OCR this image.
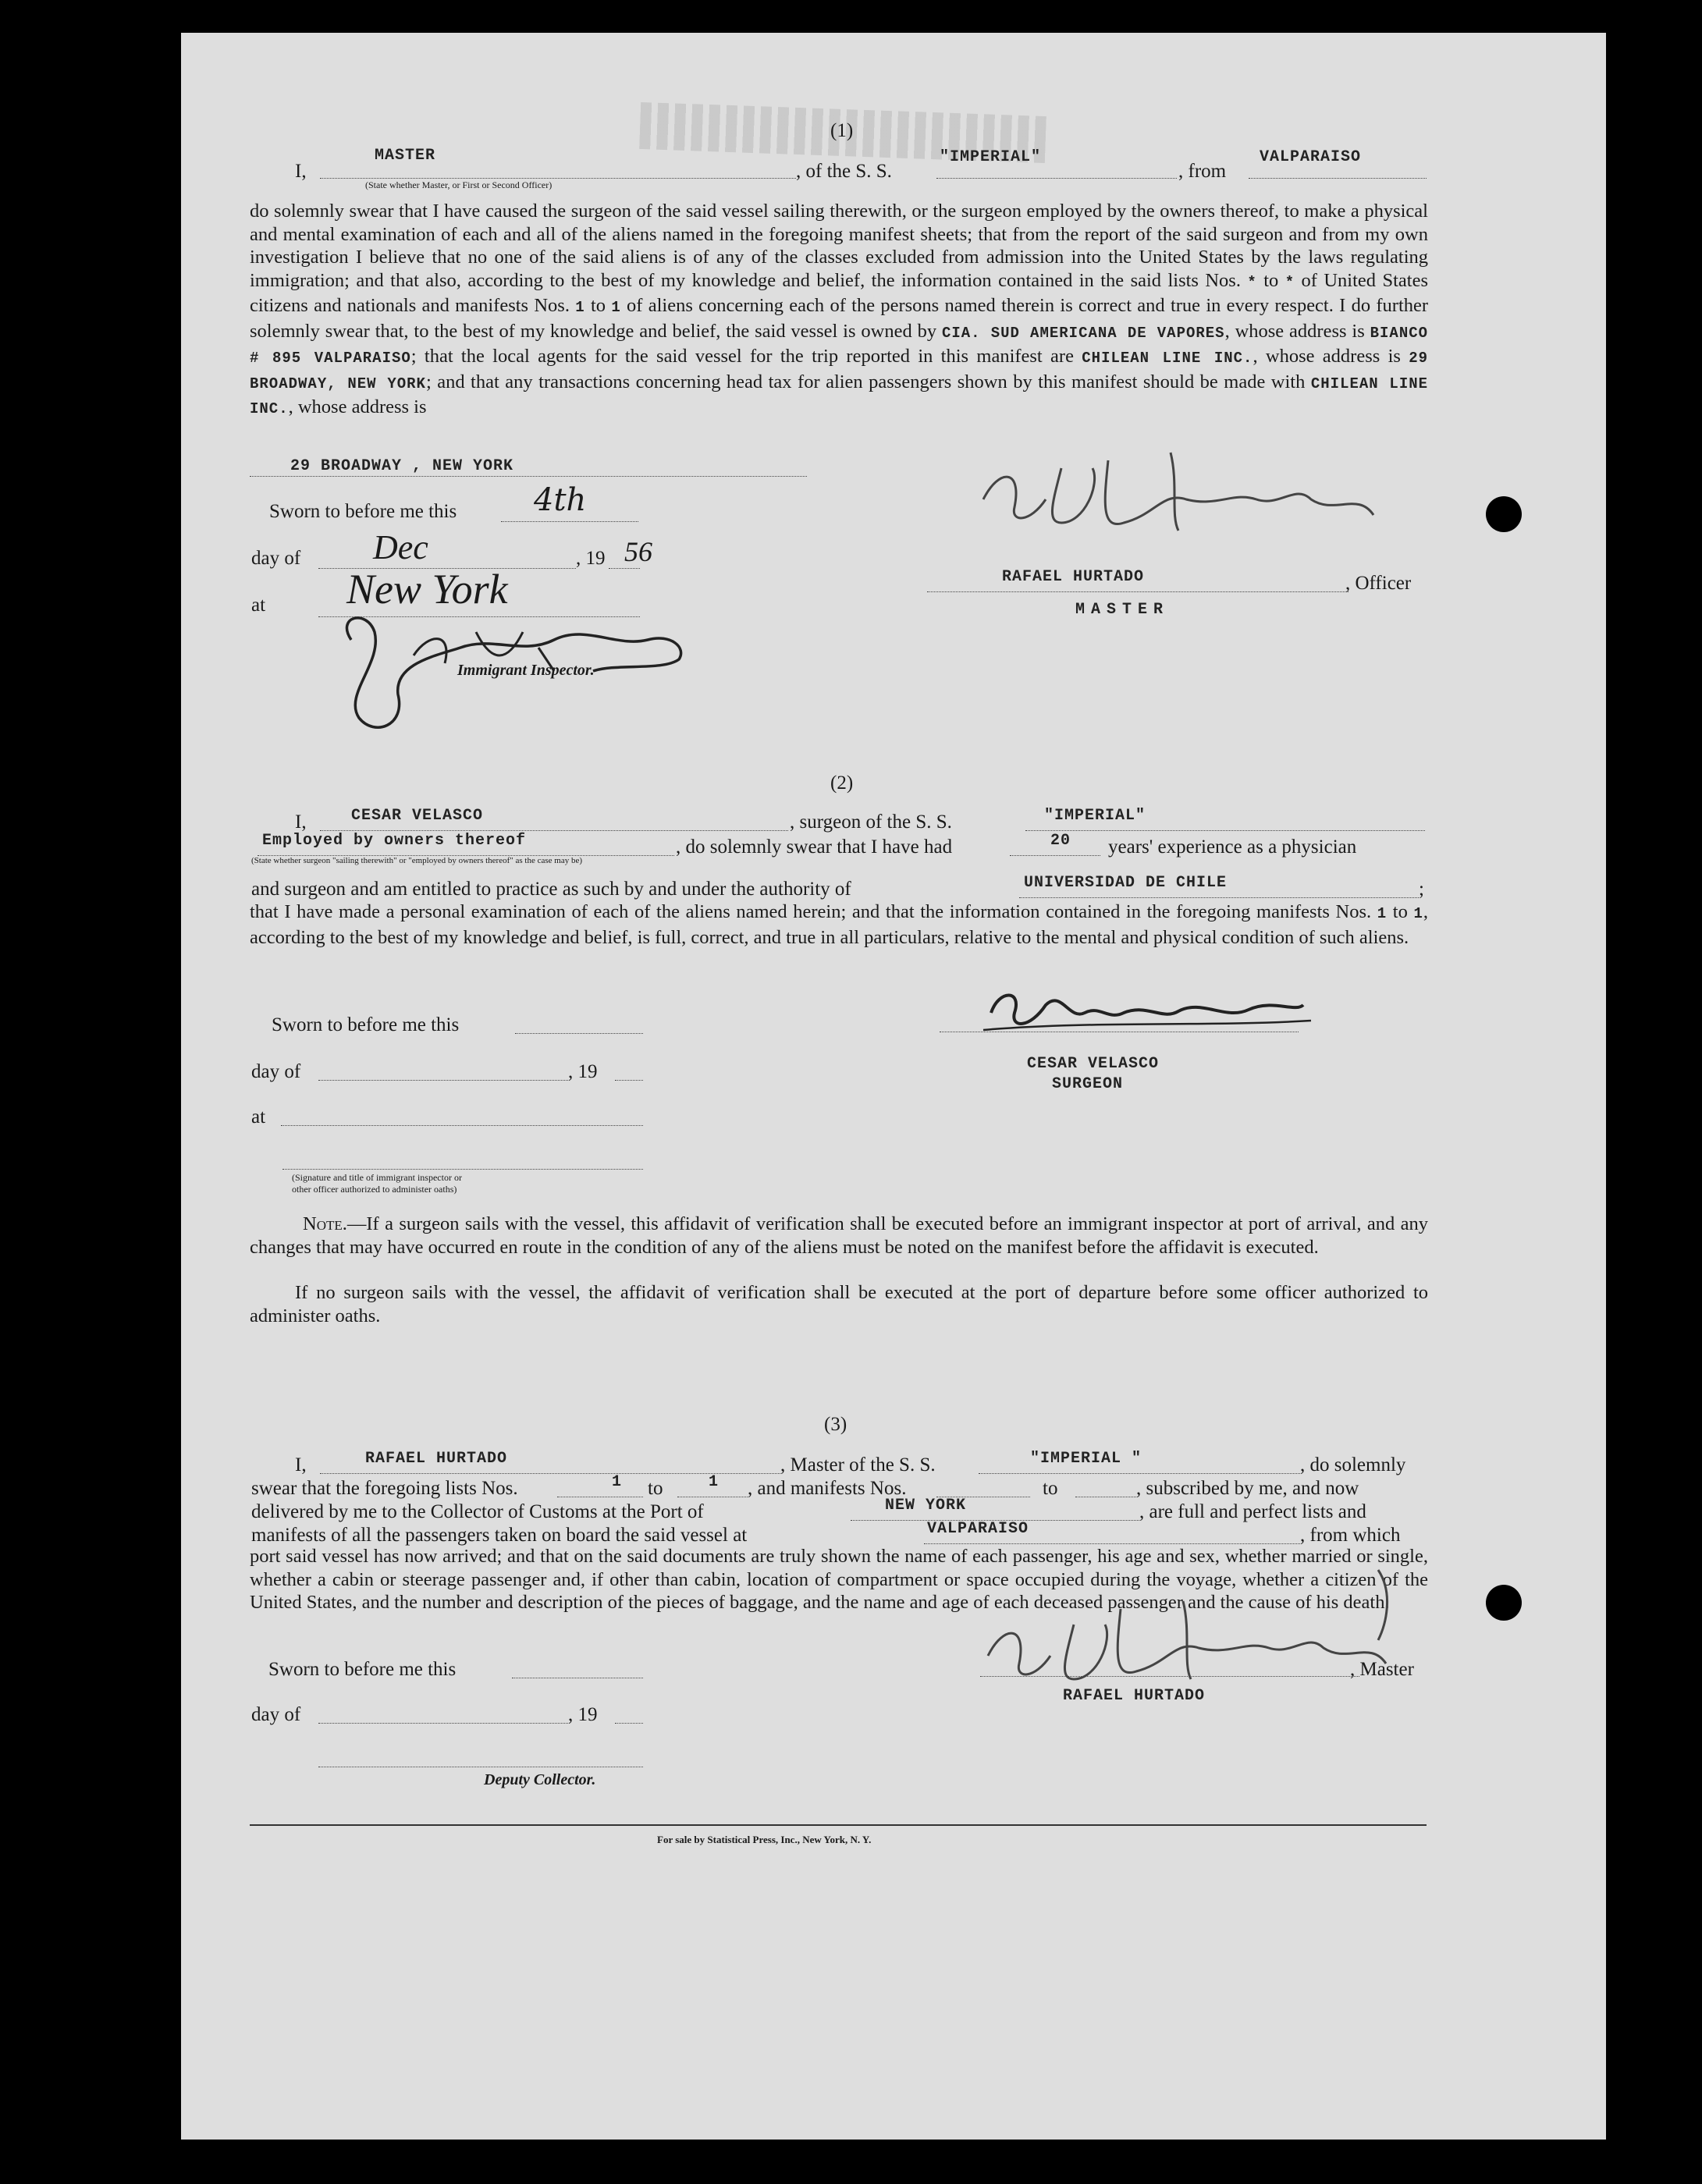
(1)
I,
MASTER
(State whether Master, or First or Second Officer)
, of the S. S.
"IMPERIAL"
, from
VALPARAISO
do solemnly swear that I have caused the surgeon of the said vessel sailing therewith, or the surgeon employed by the owners thereof, to make a physical and mental examination of each and all of the aliens named in the foregoing manifest sheets; that from the report of the said surgeon and from my own investigation I believe that no one of the said aliens is of any of the classes excluded from admission into the United States by the laws regulating immigration; and that also, according to the best of my knowledge and belief, the information contained in the said lists Nos. * to * of United States citizens and nationals and manifests Nos. 1 to 1 of aliens concerning each of the persons named therein is correct and true in every respect. I do further solemnly swear that, to the best of my knowledge and belief, the said vessel is owned by CIA. SUD AMERICANA DE VAPORES, whose address is BIANCO # 895 VALPARAISO; that the local agents for the said vessel for the trip reported in this manifest are CHILEAN LINE INC., whose address is 29 BROADWAY, NEW YORK; and that any transactions concerning head tax for alien passengers shown by this manifest should be made with CHILEAN LINE INC., whose address is
29 BROADWAY , NEW YORK
Sworn to before me this 4th
day of Dec	, 19 56
at New York
Immigrant Inspector.
RAFAEL HURTADO	, Officer
MASTER
(2)
I,	CESAR VELASCO	, surgeon of the S. S.	"IMPERIAL"
Employed by owners thereof
(State whether surgeon "sailing therewith" or "employed by owners thereof" as the case may be)
, do solemnly swear that I have had	20 years' experience as a physician
and surgeon and am entitled to practice as such by and under the authority of	UNIVERSIDAD DE CHILE	;
that I have made a personal examination of each of the aliens named herein; and that the information contained in the foregoing manifests Nos. 1 to 1, according to the best of my knowledge and belief, is full, correct, and true in all particulars, relative to the mental and physical condition of such aliens.
Sworn to before me this
day of	, 19
at
(Signature and title of immigrant inspector or
other officer authorized to administer oaths)
CESAR VELASCO
SURGEON
Note.—If a surgeon sails with the vessel, this affidavit of verification shall be executed before an immigrant inspector at port of arrival, and any changes that may have occurred en route in the condition of any of the aliens must be noted on the manifest before the affidavit is executed.
If no surgeon sails with the vessel, the affidavit of verification shall be executed at the port of departure before some officer authorized to administer oaths.
(3)
I,	RAFAEL HURTADO	, Master of the S. S.	"IMPERIAL "	, do solemnly
swear that the foregoing lists Nos.	1 to	1 , and manifests Nos.	to	, subscribed by me, and now
delivered by me to the Collector of Customs at the Port of	NEW YORK	, are full and perfect lists and
manifests of all the passengers taken on board the said vessel at	VALPARAISO	, from which
port said vessel has now arrived; and that on the said documents are truly shown the name of each passenger, his age and sex, whether married or single, whether a cabin or steerage passenger and, if other than cabin, location of compartment or space occupied during the voyage, whether a citizen of the United States, and the number and description of the pieces of baggage, and the name and age of each deceased passenger and the cause of his death.
Sworn to before me this
day of	, 19
Deputy Collector.
, Master
RAFAEL HURTADO
For sale by Statistical Press, Inc., New York, N. Y.
